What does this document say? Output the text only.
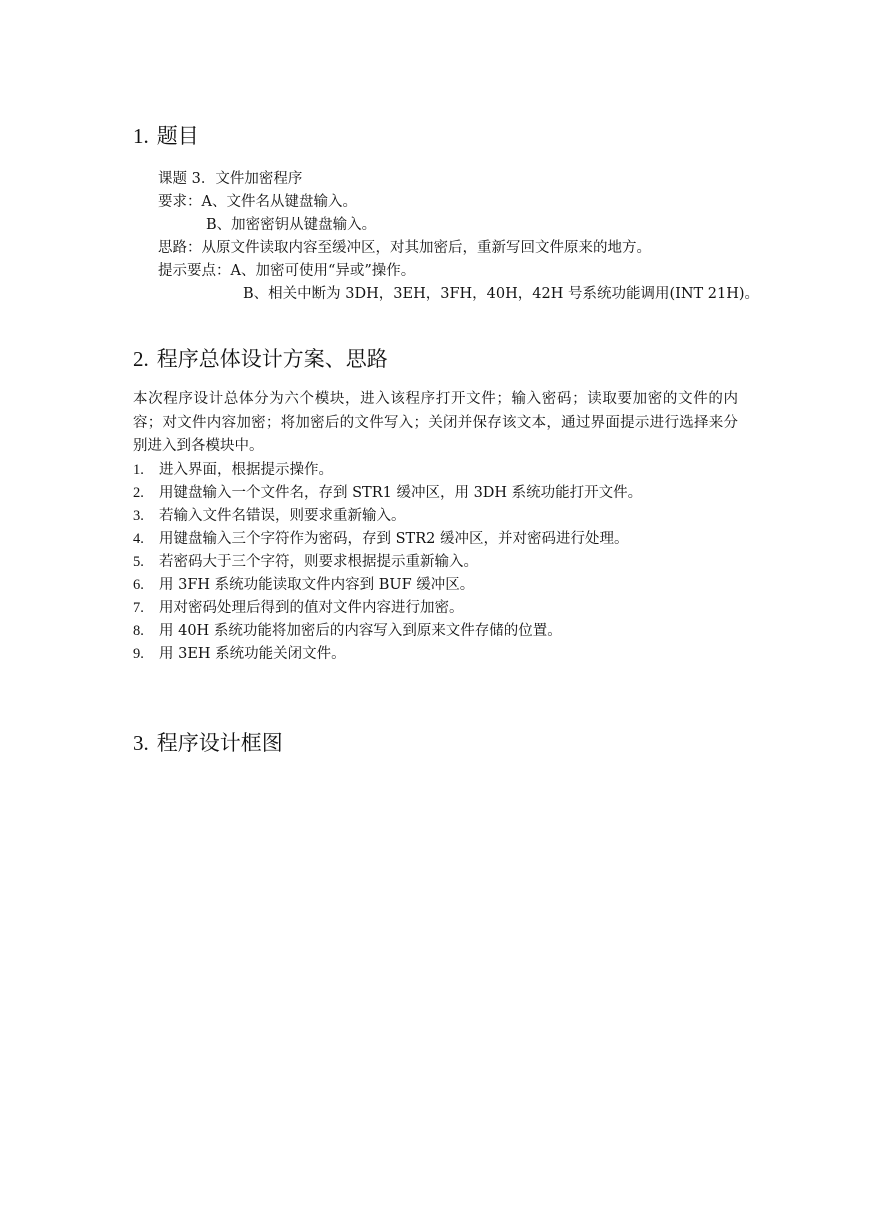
1. 题目
课题 3．文件加密程序
要求：A、文件名从键盘输入。
B、加密密钥从键盘输入。
思路：从原文件读取内容至缓冲区，对其加密后，重新写回文件原来的地方。
提示要点：A、加密可使用“异或”操作。
B、相关中断为 3DH，3EH，3FH，40H，42H 号系统功能调用(INT 21H)。
2. 程序总体设计方案、思路
本次程序设计总体分为六个模块，进入该程序打开文件；输入密码；读取要加密的文件的内容；对文件内容加密；将加密后的文件写入；关闭并保存该文本，通过界面提示进行选择来分别进入到各模块中。
1. 进入界面，根据提示操作。
2. 用键盘输入一个文件名，存到 STR1 缓冲区，用 3DH 系统功能打开文件。
3. 若输入文件名错误，则要求重新输入。
4. 用键盘输入三个字符作为密码，存到 STR2 缓冲区，并对密码进行处理。
5. 若密码大于三个字符，则要求根据提示重新输入。
6. 用 3FH 系统功能读取文件内容到 BUF 缓冲区。
7. 用对密码处理后得到的值对文件内容进行加密。
8. 用 40H 系统功能将加密后的内容写入到原来文件存储的位置。
9. 用 3EH 系统功能关闭文件。
3. 程序设计框图
